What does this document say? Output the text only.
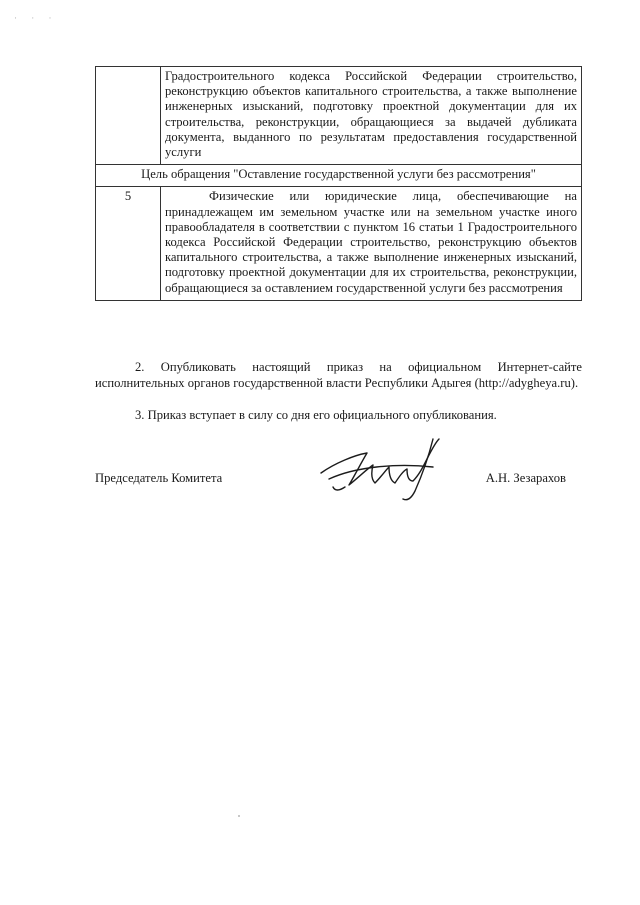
· · ·
	Градостроительного кодекса Российской Федерации строительство, реконструкцию объектов капитального строительства, а также выполнение инженерных изысканий, подготовку проектной документации для их строительства, реконструкции, обращающиеся за выдачей дубликата документа, выданного по результатам предоставления государственной услуги
Цель обращения "Оставление государственной услуги без рассмотрения"	
5	Физические или юридические лица, обеспечивающие на принадлежащем им земельном участке или на земельном участке иного правообладателя в соответствии с пунктом 16 статьи 1 Градостроительного кодекса Российской Федерации строительство, реконструкцию объектов капитального строительства, а также выполнение инженерных изысканий, подготовку проектной документации для их строительства, реконструкции, обращающиеся за оставлением государственной услуги без рассмотрения
2. Опубликовать настоящий приказ на официальном Интернет-сайте исполнительных органов государственной власти Республики Адыгея (http://adygheya.ru).
3. Приказ вступает в силу со дня его официального опубликования.
Председатель Комитета	А.Н. Зезарахов
